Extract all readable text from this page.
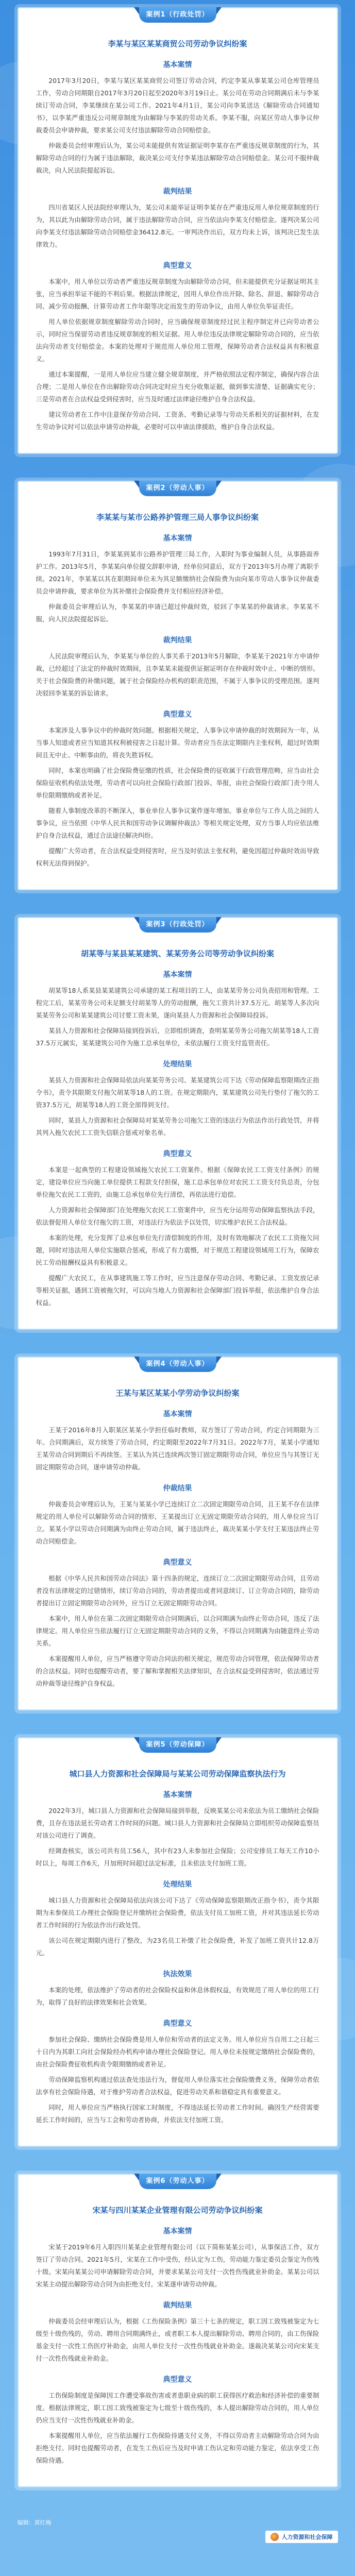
案例1（行政处罚）
李某与某区某某商贸公司劳动争议纠纷案
基本案情

2017年3月20日，李某与某区某某商贸公司签订劳动合同，约定李某从事某某公司仓库管理员工作，劳动合同期限自2017年3月20日起至2020年3月19日止。某公司在劳动合同期满后未与李某续订劳动合同，李某继续在某公司工作。2021年4月1日，某公司向李某送达《解除劳动合同通知书》，以李某严重违反公司规章制度为由解除与李某的劳动关系。李某不服，向某区劳动人事争议仲裁委员会申请仲裁，要求某公司支付违法解除劳动合同赔偿金。

仲裁委员会经审理后认为，某公司未能提供有效证据证明李某存在严重违反规章制度的行为，其解除劳动合同的行为属于违法解除，裁决某公司支付李某违法解除劳动合同赔偿金。某公司不服仲裁裁决，向人民法院提起诉讼。

裁判结果

四川省某区人民法院经审理认为，某公司未能举证证明李某存在严重违反用人单位规章制度的行为，其以此为由解除劳动合同，属于违法解除劳动合同，应当依法向李某支付赔偿金。遂判决某公司向李某支付违法解除劳动合同赔偿金36412.8元。一审判决作出后，双方均未上诉，该判决已发生法律效力。

典型意义

本案中，用人单位以劳动者严重违反规章制度为由解除劳动合同，但未能提供充分证据证明其主张，应当承担举证不能的不利后果。根据法律规定，因用人单位作出开除、除名、辞退、解除劳动合同、减少劳动报酬、计算劳动者工作年限等决定而发生的劳动争议，由用人单位负举证责任。

用人单位依据规章制度解除劳动合同时，应当确保规章制度经过民主程序制定并已向劳动者公示，同时应当保留劳动者违反规章制度的相关证据。用人单位违反法律规定解除劳动合同的，应当依法向劳动者支付赔偿金。本案的处理对于规范用人单位用工管理，保障劳动者合法权益具有积极意义。

通过本案提醒，一是用人单位应当建立健全规章制度，并严格依照法定程序制定，确保内容合法合理；二是用人单位在作出解除劳动合同决定时应当充分收集证据，做到事实清楚、证据确实充分；三是劳动者在合法权益受到侵害时，应当及时通过法律途径维护自身合法权益。

建议劳动者在工作中注意保存劳动合同、工资条、考勤记录等与劳动关系相关的证据材料，在发生劳动争议时可以依法申请劳动仲裁，必要时可以申请法律援助，维护自身合法权益。

案例2（劳动人事）
李某某与某市公路养护管理三局人事争议纠纷案
基本案情

1993年7月31日，李某某到某市公路养护管理三局工作，入职时为事业编制人员，从事路面养护工作。2013年5月，李某某向单位提交辞职申请，经单位同意后，双方于2013年5月办理了离职手续。2021年，李某某以其在职期间单位未为其足额缴纳社会保险费为由向某市劳动人事争议仲裁委员会申请仲裁，要求单位为其补缴社会保险费并支付相应经济补偿。

仲裁委员会审理后认为，李某某的申请已超过仲裁时效，驳回了李某某的仲裁请求。李某某不服，向人民法院提起诉讼。

裁判结果

人民法院审理后认为，李某某与单位的人事关系于2013年5月解除，李某某于2021年方申请仲裁，已经超过了法定的仲裁时效期间，且李某某未能提供证据证明存在仲裁时效中止、中断的情形。关于社会保险费的补缴问题，属于社会保险经办机构的职责范围，不属于人事争议的受理范围。遂判决驳回李某某的诉讼请求。

典型意义

本案涉及人事争议中的仲裁时效问题。根据相关规定，人事争议申请仲裁的时效期间为一年，从当事人知道或者应当知道其权利被侵害之日起计算。劳动者应当在法定期限内主张权利，超过时效期间且无中止、中断事由的，将丧失胜诉权。

同时，本案也明确了社会保险费征缴的性质，社会保险费的征收属于行政管理范畴，应当由社会保险征收机构依法处理，劳动者可以向社会保险行政部门投诉、举报，由社会保险行政部门责令用人单位限期缴纳或者补足。

随着人事制度改革的不断深入，事业单位人事争议案件逐年增加。事业单位与工作人员之间的人事争议，应当依照《中华人民共和国劳动争议调解仲裁法》等相关规定处理，双方当事人均应依法维护自身合法权益，通过合法途径解决纠纷。

提醒广大劳动者，在合法权益受到侵害时，应当及时依法主张权利，避免因超过仲裁时效而导致权利无法得到保护。

案例3（行政处罚）
胡某等与某县某某建筑、某某劳务公司等劳动争议纠纷案
基本案情

胡某等18人系某县某某建筑公司承建的某工程项目的工人，由某某劳务公司负责招用和管理。工程完工后，某某劳务公司未足额支付胡某等人的劳动报酬，拖欠工资共计37.5万元。胡某等人多次向某某劳务公司和某某建筑公司讨要工资未果，遂向某县人力资源和社会保障局投诉。

某县人力资源和社会保障局接到投诉后，立即组织调查，查明某某劳务公司拖欠胡某等18人工资37.5万元属实，某某建筑公司作为施工总承包单位，未依法履行工资支付监管责任。

处理结果

某县人力资源和社会保障局依法向某某劳务公司、某某建筑公司下达《劳动保障监察限期改正指令书》，责令其限期支付拖欠胡某等18人的工资。在规定期限内，某某建筑公司先行垫付了拖欠的工资37.5万元，胡某等18人的工资全部得到支付。

同时，某县人力资源和社会保障局对某某劳务公司拖欠工资的违法行为依法作出行政处罚，并将其列入拖欠农民工工资失信联合惩戒对象名单。

典型意义

本案是一起典型的工程建设领域拖欠农民工工资案件。根据《保障农民工工资支付条例》的规定，建设单位应当向施工单位提供工程款支付担保，施工总承包单位对农民工工资支付负总责，分包单位拖欠农民工工资的，由施工总承包单位先行清偿，再依法进行追偿。

人力资源和社会保障部门在处理拖欠农民工工资案件中，应当充分运用劳动保障监察执法手段，依法督促用人单位支付拖欠的工资，对违法行为依法予以处罚，切实维护农民工合法权益。

本案的处理，充分发挥了总承包单位先行清偿制度的作用，及时有效地解决了农民工工资拖欠问题，同时对违法用人单位实施联合惩戒，形成了有力震慑，对于规范工程建设领域用工行为，保障农民工劳动报酬权益具有积极意义。

提醒广大农民工，在从事建筑施工等工作时，应当注意保存劳动合同、考勤记录、工资发放记录等相关证据，遇到工资被拖欠时，可以向当地人力资源和社会保障部门投诉举报，依法维护自身合法权益。

案例4（劳动人事）
王某与某区某某小学劳动争议纠纷案
基本案情

王某于2016年8月入职某区某某小学担任临时教师，双方签订了劳动合同，约定合同期限为三年。合同期满后，双方续签了劳动合同，约定期限至2022年7月31日。2022年7月，某某小学通知王某劳动合同到期后不再续签。王某认为其已连续两次签订固定期限劳动合同，单位应当与其签订无固定期限劳动合同，遂申请劳动仲裁。

仲裁结果

仲裁委员会审理后认为，王某与某某小学已连续订立二次固定期限劳动合同，且王某不存在法律规定的用人单位可以解除劳动合同的情形，王某提出订立无固定期限劳动合同的，用人单位应当订立。某某小学以劳动合同期满为由终止劳动合同，属于违法终止，裁决某某小学支付王某违法终止劳动合同赔偿金。

典型意义

根据《中华人民共和国劳动合同法》第十四条的规定，连续订立二次固定期限劳动合同，且劳动者没有法律规定的过错情形，续订劳动合同的，劳动者提出或者同意续订、订立劳动合同的，除劳动者提出订立固定期限劳动合同外，应当订立无固定期限劳动合同。

本案中，用人单位在第二次固定期限劳动合同期满后，以合同期满为由终止劳动合同，违反了法律规定。用人单位应当依法履行订立无固定期限劳动合同的义务，不得以合同期满为由随意终止劳动关系。

本案提醒用人单位，应当严格遵守劳动合同法的相关规定，规范劳动合同管理，依法保障劳动者的合法权益。同时也提醒劳动者，要了解和掌握相关法律知识，在合法权益受到侵害时，依法通过劳动仲裁等途径维护自身权益。

案例5（劳动保障）
城口县人力资源和社会保障局与某某公司劳动保障监察执法行为
基本案情

2022年3月，城口县人力资源和社会保障局接到举报，反映某某公司未依法为员工缴纳社会保险费，且存在违法延长劳动者工作时间的问题。城口县人力资源和社会保障局立即组织劳动保障监察员对该公司进行了调查。

经调查核实，该公司共有员工56人，其中有23人未参加社会保险；公司安排员工每天工作10小时以上，每周工作6天，月加班时间超过法定标准，且未依法支付加班工资。

处理结果

城口县人力资源和社会保障局依法向该公司下达了《劳动保障监察限期改正指令书》，责令其限期为未参保员工办理社会保险登记并缴纳社会保险费，依法支付员工加班工资，并对其违法延长劳动者工作时间的行为依法作出行政处罚。

该公司在规定期限内进行了整改，为23名员工补缴了社会保险费，补发了加班工资共计12.8万元。

执法效果

本案的处理，依法维护了劳动者的社会保险权益和休息休假权益，有效规范了用人单位的用工行为，取得了良好的法律效果和社会效果。

典型意义

参加社会保险、缴纳社会保险费是用人单位和劳动者的法定义务。用人单位应当自用工之日起三十日内为其职工向社会保险经办机构申请办理社会保险登记。用人单位未按规定缴纳社会保险费的，由社会保险费征收机构责令限期缴纳或者补足。

劳动保障监察机构通过依法查处违法行为，督促用人单位落实社会保险缴费义务，保障劳动者依法享有社会保险待遇，对于维护劳动者合法权益，促进劳动关系和谐稳定具有重要意义。

同时，用人单位应当严格执行国家工时制度，不得违法延长劳动者工作时间。确因生产经营需要延长工作时间的，应当与工会和劳动者协商，并依法支付加班工资。

案例6（劳动人事）
宋某与四川某某企业管理有限公司劳动争议纠纷案
基本案情

宋某于2019年6月入职四川某某企业管理有限公司（以下简称某某公司），从事保洁工作，双方签订了劳动合同。2021年5月，宋某在工作中受伤，经认定为工伤，劳动能力鉴定委员会鉴定为伤残十级。宋某向某某公司申请解除劳动合同，并要求某某公司支付一次性伤残就业补助金。某某公司以宋某主动提出解除劳动合同为由拒绝支付。宋某遂申请劳动仲裁。

裁判结果

仲裁委员会经审理后认为，根据《工伤保险条例》第三十七条的规定，职工因工致残被鉴定为七级至十级伤残的，劳动、聘用合同期满终止，或者职工本人提出解除劳动、聘用合同的，由工伤保险基金支付一次性工伤医疗补助金，由用人单位支付一次性伤残就业补助金。遂裁决某某公司向宋某支付一次性伤残就业补助金。

典型意义

工伤保险制度是保障因工作遭受事故伤害或者患职业病的职工获得医疗救治和经济补偿的重要制度。根据法律规定，职工因工致残被鉴定为七级至十级伤残的，本人提出解除劳动合同的，用人单位仍应当支付一次性伤残就业补助金。

本案提醒用人单位，应当依法履行工伤保险待遇支付义务，不得以劳动者主动解除劳动合同为由拒绝支付。同时也提醒劳动者，在发生工伤后应当及时申请工伤认定和劳动能力鉴定，依法享受工伤保险待遇。

编辑：黄红梅
人力资源和社会保障
